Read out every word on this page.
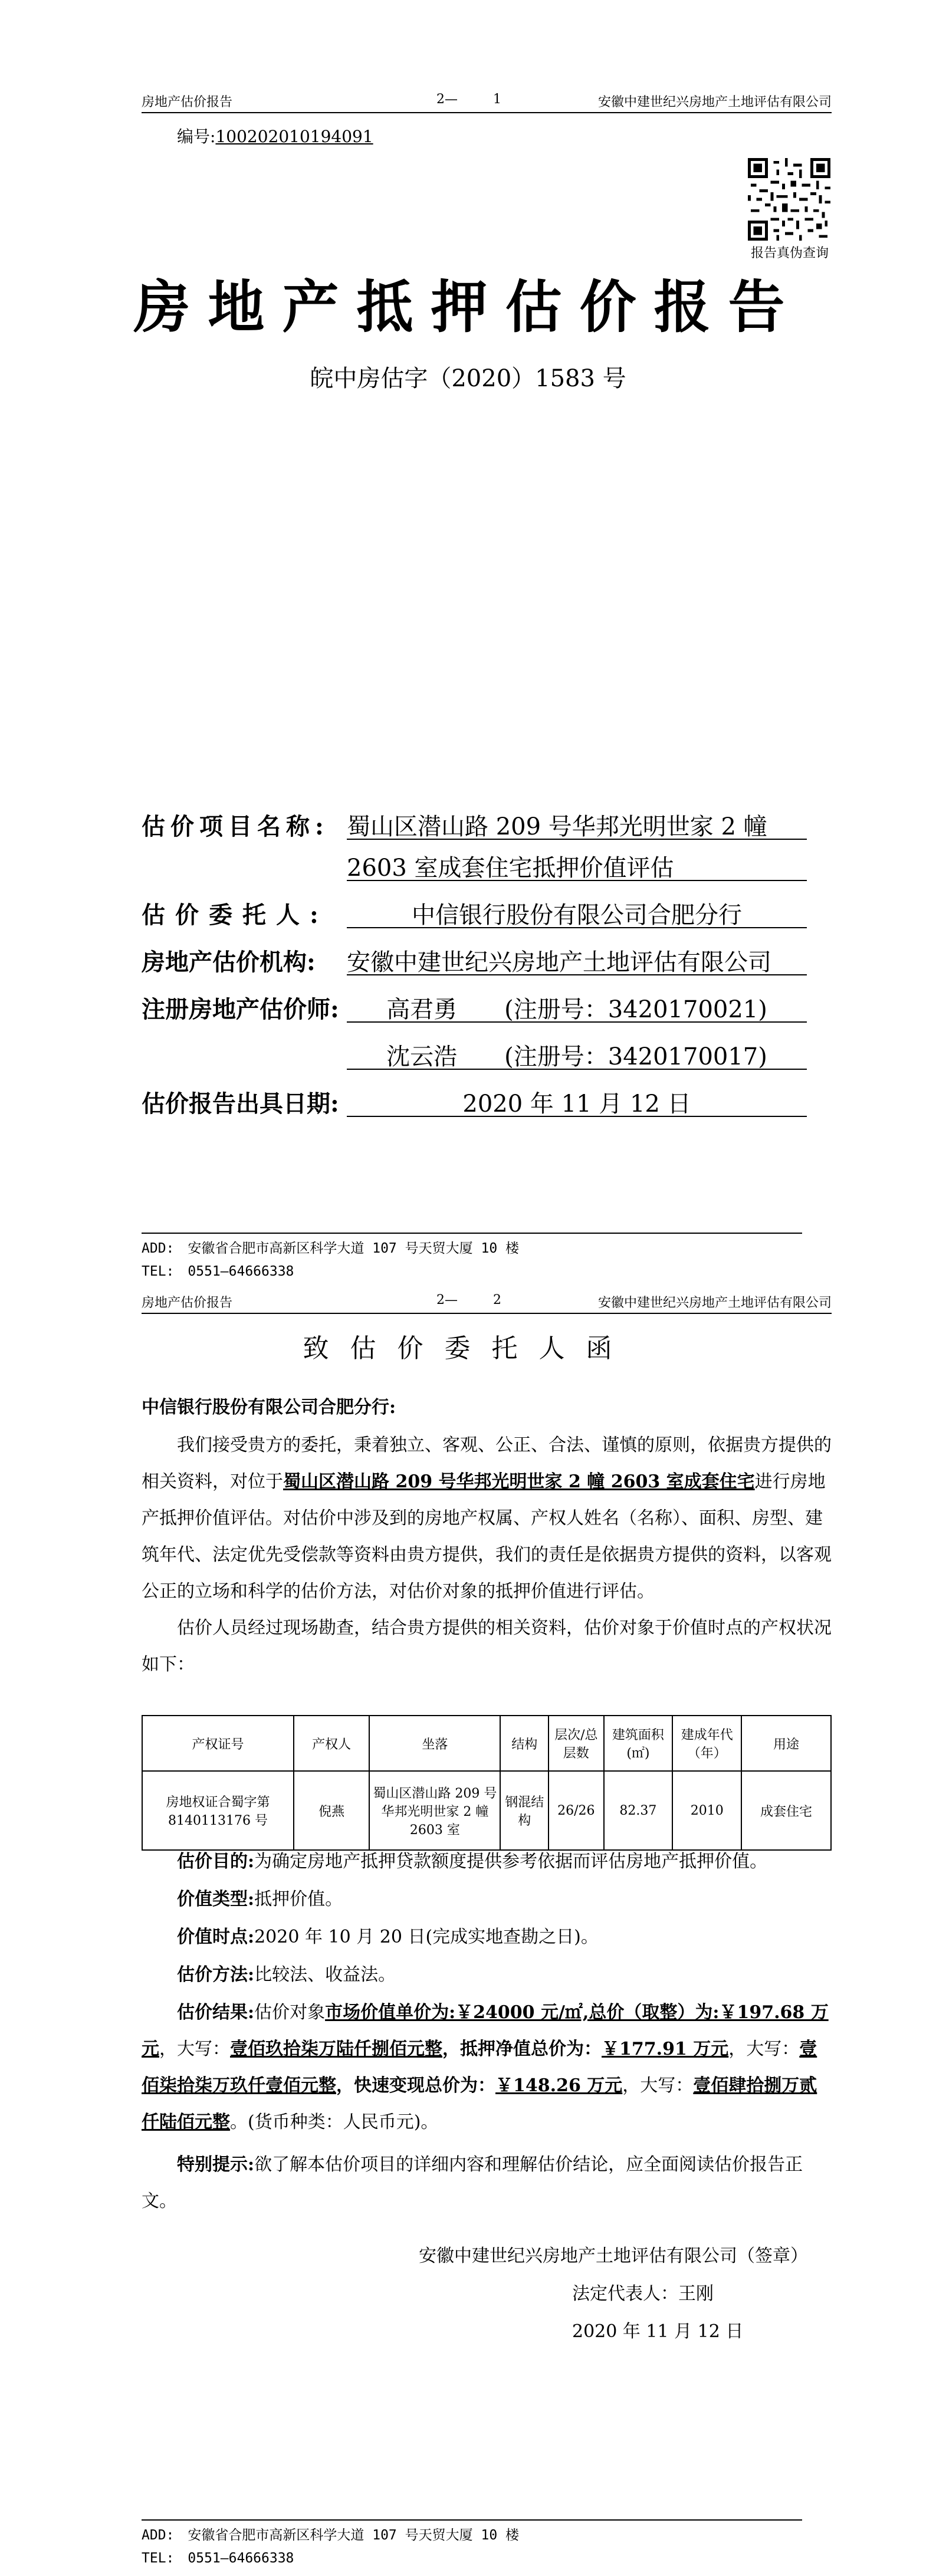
房地产估价报告	2—	1	安徽中建世纪兴房地产土地评估有限公司
编号:100202010194091
报告真伪查询
房地产抵押估价报告
皖中房估字（2020）1583 号
估价项目名称: 蜀山区潜山路 209 号华邦光明世家 2 幢
2603 室成套住宅抵押价值评估
估价委托人:	中信银行股份有限公司合肥分行
房地产估价机构: 安徽中建世纪兴房地产土地评估有限公司
注册房地产估价师:	高君勇　　(注册号：3420170021)
沈云浩　　(注册号：3420170017)
估价报告出具日期:	2020 年 11 月 12 日
ADD:　安徽省合肥市高新区科学大道 107 号天贸大厦 10 楼
TEL:　0551—64666338
房地产估价报告	2—	2	安徽中建世纪兴房地产土地评估有限公司
致估价委托人函
中信银行股份有限公司合肥分行:
我们接受贵方的委托，秉着独立、客观、公正、合法、谨慎的原则，依据贵方提供的相关资料，对位于蜀山区潜山路 209 号华邦光明世家 2 幢 2603 室成套住宅进行房地产抵押价值评估。对估价中涉及到的房地产权属、产权人姓名（名称）、面积、房型、建筑年代、法定优先受偿款等资料由贵方提供，我们的责任是依据贵方提供的资料，以客观公正的立场和科学的估价方法，对估价对象的抵押价值进行评估。
估价人员经过现场勘查，结合贵方提供的相关资料，估价对象于价值时点的产权状况如下：
产权证号	产权人	坐落	结构	层次/总层数	建筑面积(㎡)	建成年代（年）	用途
房地权证合蜀字第 8140113176 号	倪燕	蜀山区潜山路 209 号华邦光明世家 2 幢 2603 室	钢混结构	26/26	82.37	2010	成套住宅
估价目的:为确定房地产抵押贷款额度提供参考依据而评估房地产抵押价值。
价值类型:抵押价值。
价值时点:2020 年 10 月 20 日(完成实地查勘之日)。
估价方法:比较法、收益法。
估价结果:估价对象市场价值单价为:￥24000 元/㎡,总价（取整）为:￥197.68 万元，大写：壹佰玖拾柒万陆仟捌佰元整，抵押净值总价为：￥177.91 万元，大写：壹佰柒拾柒万玖仟壹佰元整，快速变现总价为：￥148.26 万元，大写：壹佰肆拾捌万贰仟陆佰元整。(货币种类：人民币元)。
特别提示:欲了解本估价项目的详细内容和理解估价结论，应全面阅读估价报告正文。
安徽中建世纪兴房地产土地评估有限公司（签章）
法定代表人：王刚
2020 年 11 月 12 日
ADD:　安徽省合肥市高新区科学大道 107 号天贸大厦 10 楼
TEL:　0551—64666338
